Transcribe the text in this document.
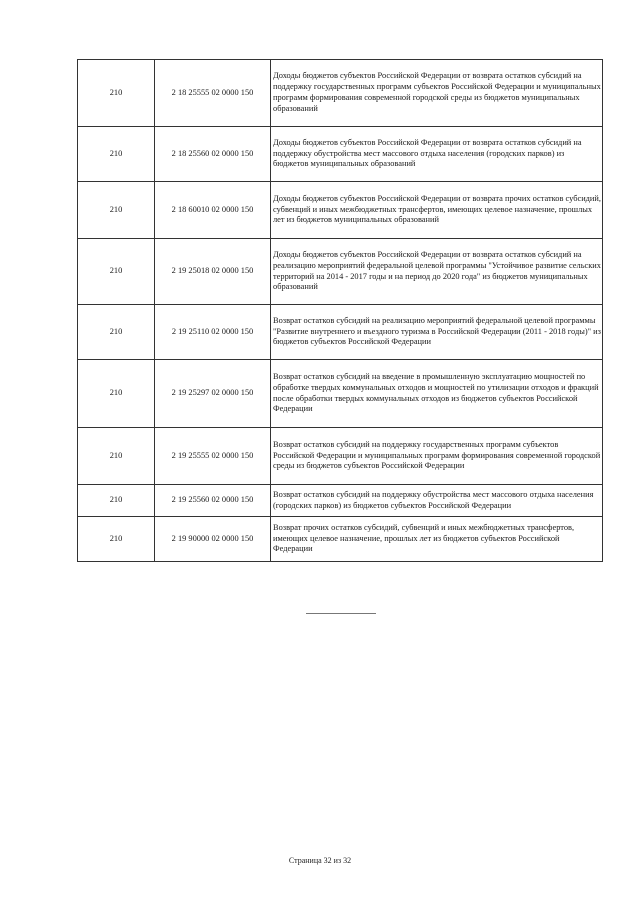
210	2 18 25555 02 0000 150	Доходы бюджетов субъектов Российской Федерации от возврата остатков субсидий на поддержку государственных программ субъектов Российской Федерации и муниципальных программ формирования современной городской среды из бюджетов муниципальных образований
210	2 18 25560 02 0000 150	Доходы бюджетов субъектов Российской Федерации от возврата остатков субсидий на поддержку обустройства мест массового отдыха населения (городских парков) из бюджетов муниципальных образований
210	2 18 60010 02 0000 150	Доходы бюджетов субъектов Российской Федерации от возврата прочих остатков субсидий, субвенций и иных межбюджетных трансфертов, имеющих целевое назначение, прошлых лет из бюджетов муниципальных образований
210	2 19 25018 02 0000 150	Доходы бюджетов субъектов Российской Федерации от возврата остатков субсидий на реализацию мероприятий федеральной целевой программы "Устойчивое развитие сельских территорий на 2014 - 2017 годы и на период до 2020 года" из бюджетов муниципальных образований
210	2 19 25110 02 0000 150	Возврат остатков субсидий на реализацию мероприятий федеральной целевой программы "Развитие внутреннего и въездного туризма в Российской Федерации (2011 - 2018 годы)" из бюджетов субъектов Российской Федерации
210	2 19 25297 02 0000 150	Возврат остатков субсидий на введение в промышленную эксплуатацию мощностей по обработке твердых коммунальных отходов и мощностей по утилизации отходов и фракций после обработки твердых коммунальных отходов из бюджетов субъектов Российской Федерации
210	2 19 25555 02 0000 150	Возврат остатков субсидий на поддержку государственных программ субъектов Российской Федерации и муниципальных программ формирования современной городской среды из бюджетов субъектов Российской Федерации
210	2 19 25560 02 0000 150	Возврат остатков субсидий на поддержку обустройства мест массового отдыха населения (городских парков) из бюджетов субъектов Российской Федерации
210	2 19 90000 02 0000 150	Возврат прочих остатков субсидий, субвенций и иных межбюджетных трансфертов, имеющих целевое назначение, прошлых лет из бюджетов субъектов Российской Федерации
Страница 32 из 32
